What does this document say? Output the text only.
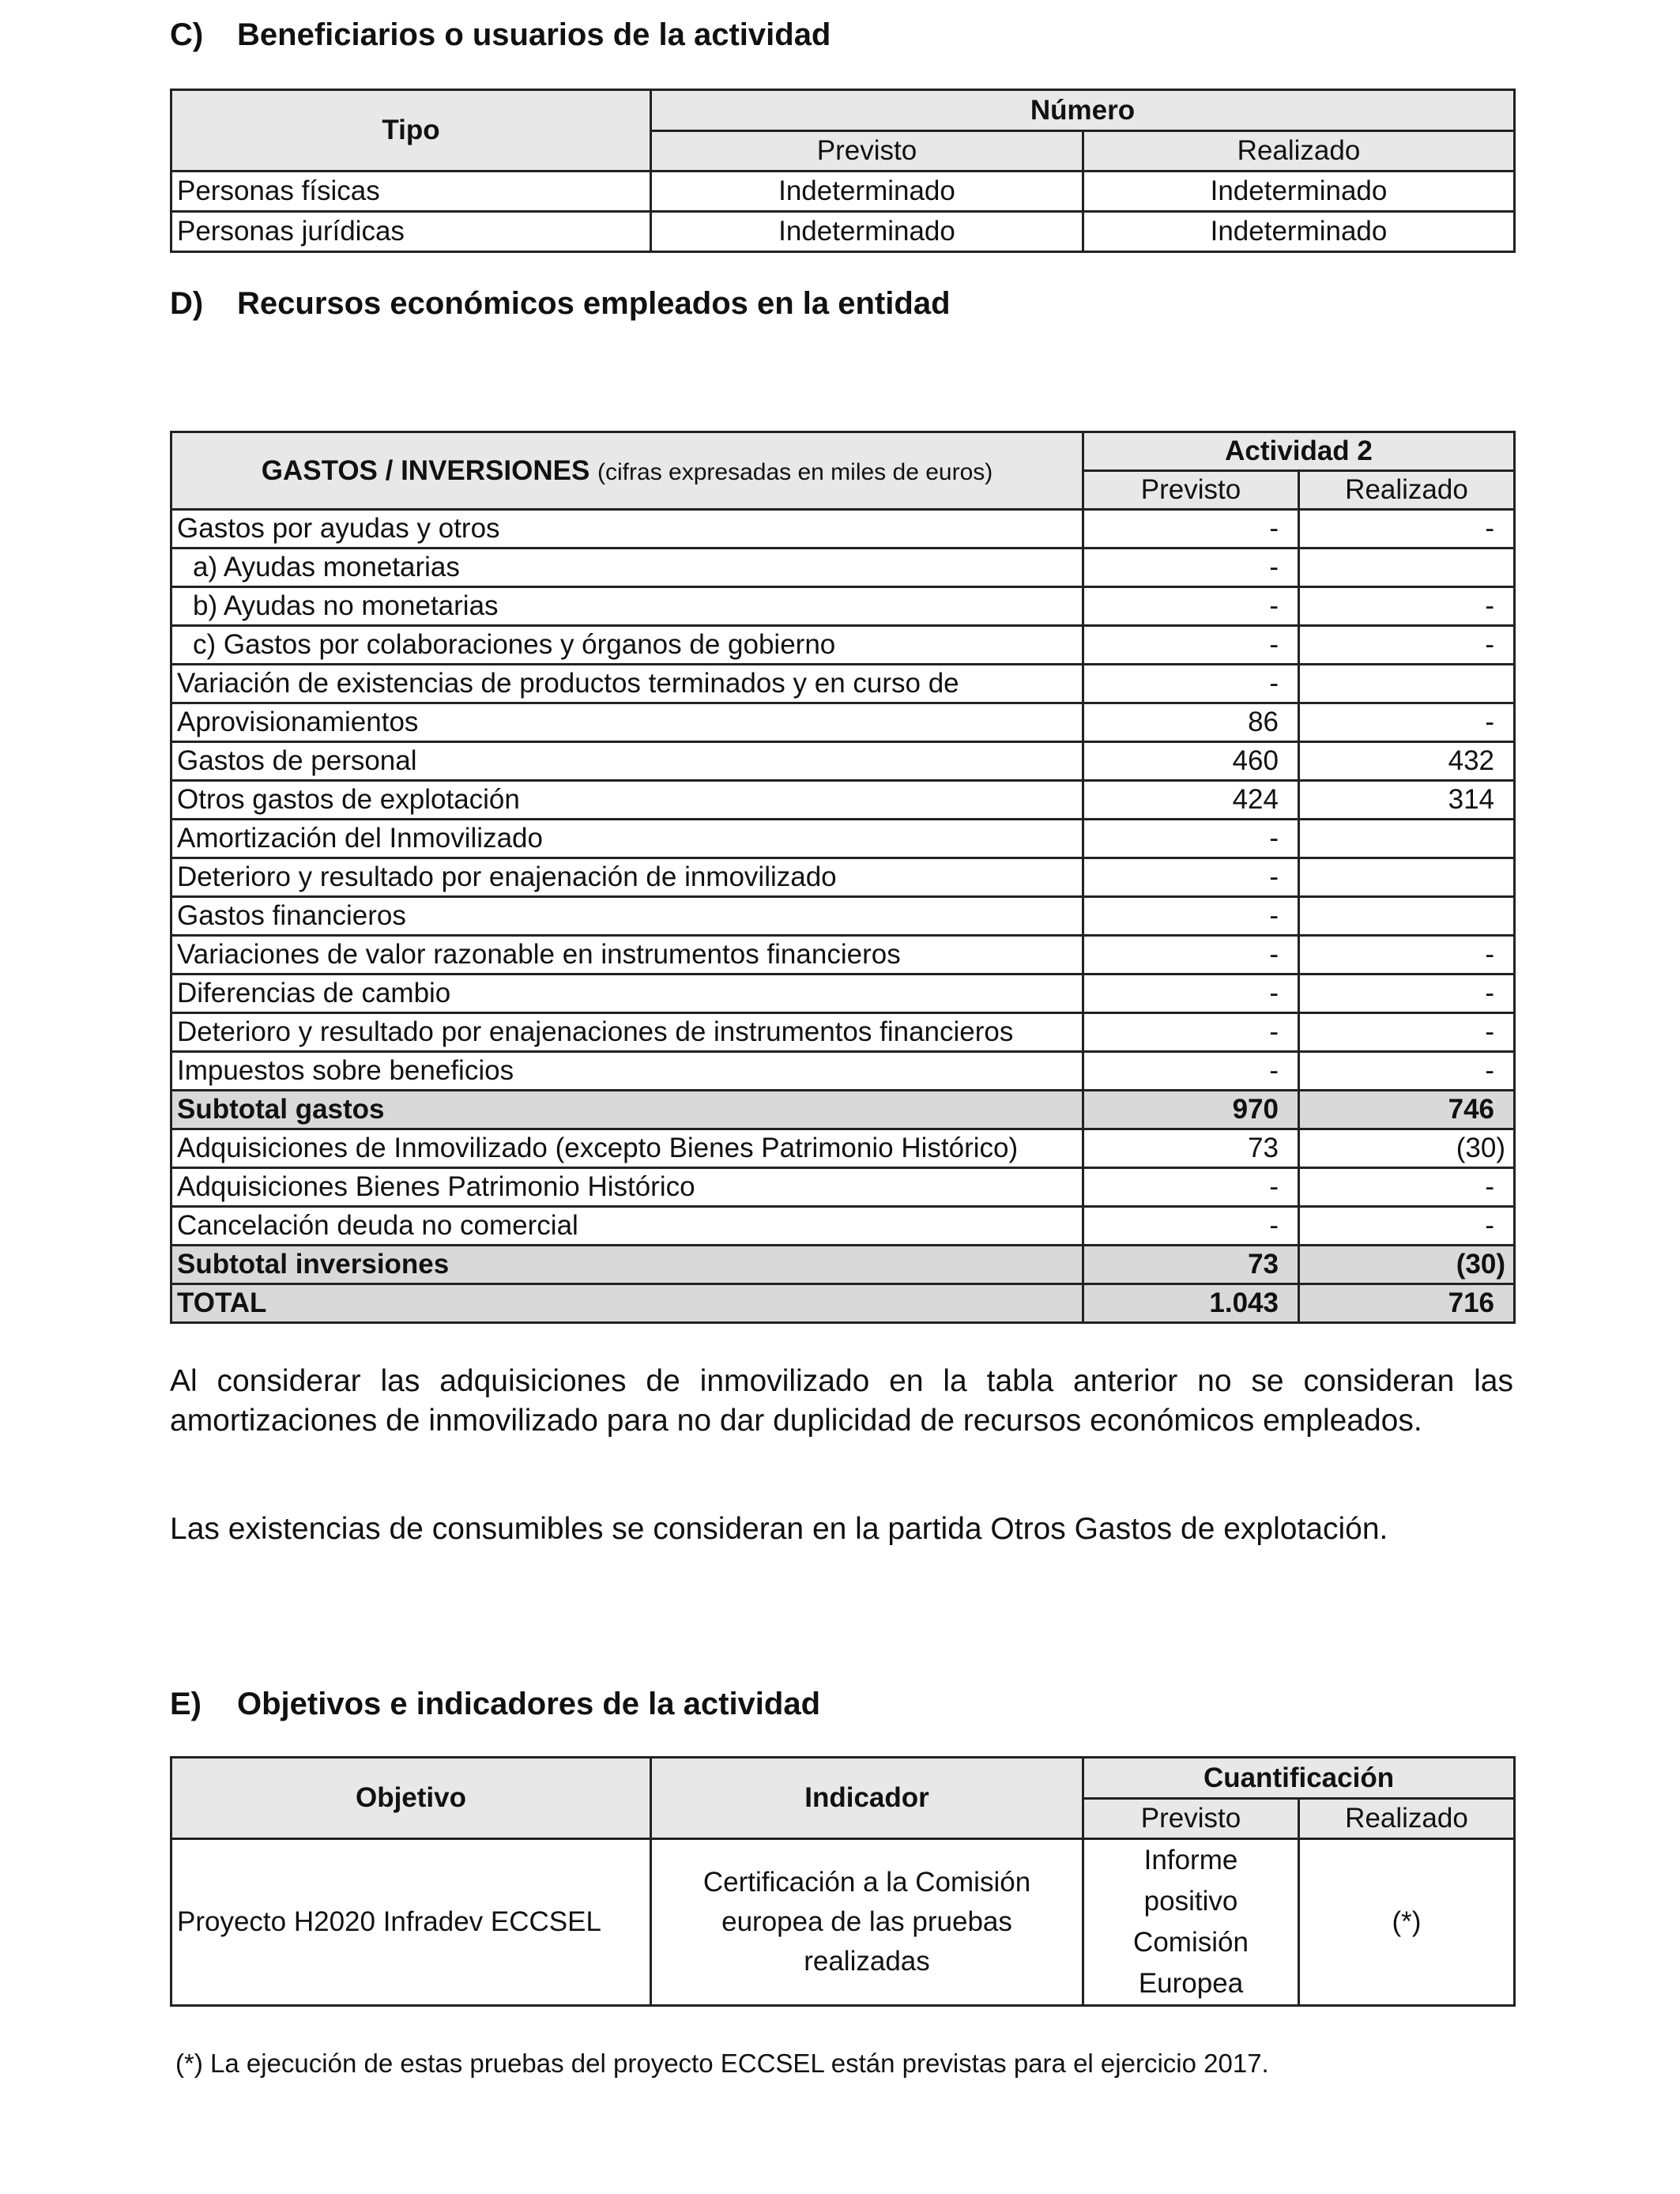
C) Beneficiarios o usuarios de la actividad
Tipo	Número	
	Previsto	Realizado
Personas físicas	Indeterminado	Indeterminado
Personas jurídicas	Indeterminado	Indeterminado
D) Recursos económicos empleados en la entidad
GASTOS / INVERSIONES (cifras expresadas en miles de euros)	Actividad 2	
	Previsto	Realizado
Gastos por ayudas y otros	-	-
a) Ayudas monetarias	-	
b) Ayudas no monetarias	-	-
c) Gastos por colaboraciones y órganos de gobierno	-	-
Variación de existencias de productos terminados y en curso de	-	
Aprovisionamientos	86	-
Gastos de personal	460	432
Otros gastos de explotación	424	314
Amortización del Inmovilizado	-	
Deterioro y resultado por enajenación de inmovilizado	-	
Gastos financieros	-	
Variaciones de valor razonable en instrumentos financieros	-	-
Diferencias de cambio	-	-
Deterioro y resultado por enajenaciones de instrumentos financieros	-	-
Impuestos sobre beneficios	-	-
Subtotal gastos	970	746
Adquisiciones de Inmovilizado (excepto Bienes Patrimonio Histórico)	73	(30)
Adquisiciones Bienes Patrimonio Histórico	-	-
Cancelación deuda no comercial	-	-
Subtotal inversiones	73	(30)
TOTAL	1.043	716

Al considerar las adquisiciones de inmovilizado en la tabla anterior no se consideran las amortizaciones de inmovilizado para no dar duplicidad de recursos económicos empleados.

Las existencias de consumibles se consideran en la partida Otros Gastos de explotación.

E) Objetivos e indicadores de la actividad
Objetivo	Indicador	Cuantificación	
		Previsto	Realizado
Proyecto H2020 Infradev ECCSEL	Certificación a la Comisión europea de las pruebas realizadas	Informe positivo Comisión Europea	(*)

(*) La ejecución de estas pruebas del proyecto ECCSEL están previstas para el ejercicio 2017.
